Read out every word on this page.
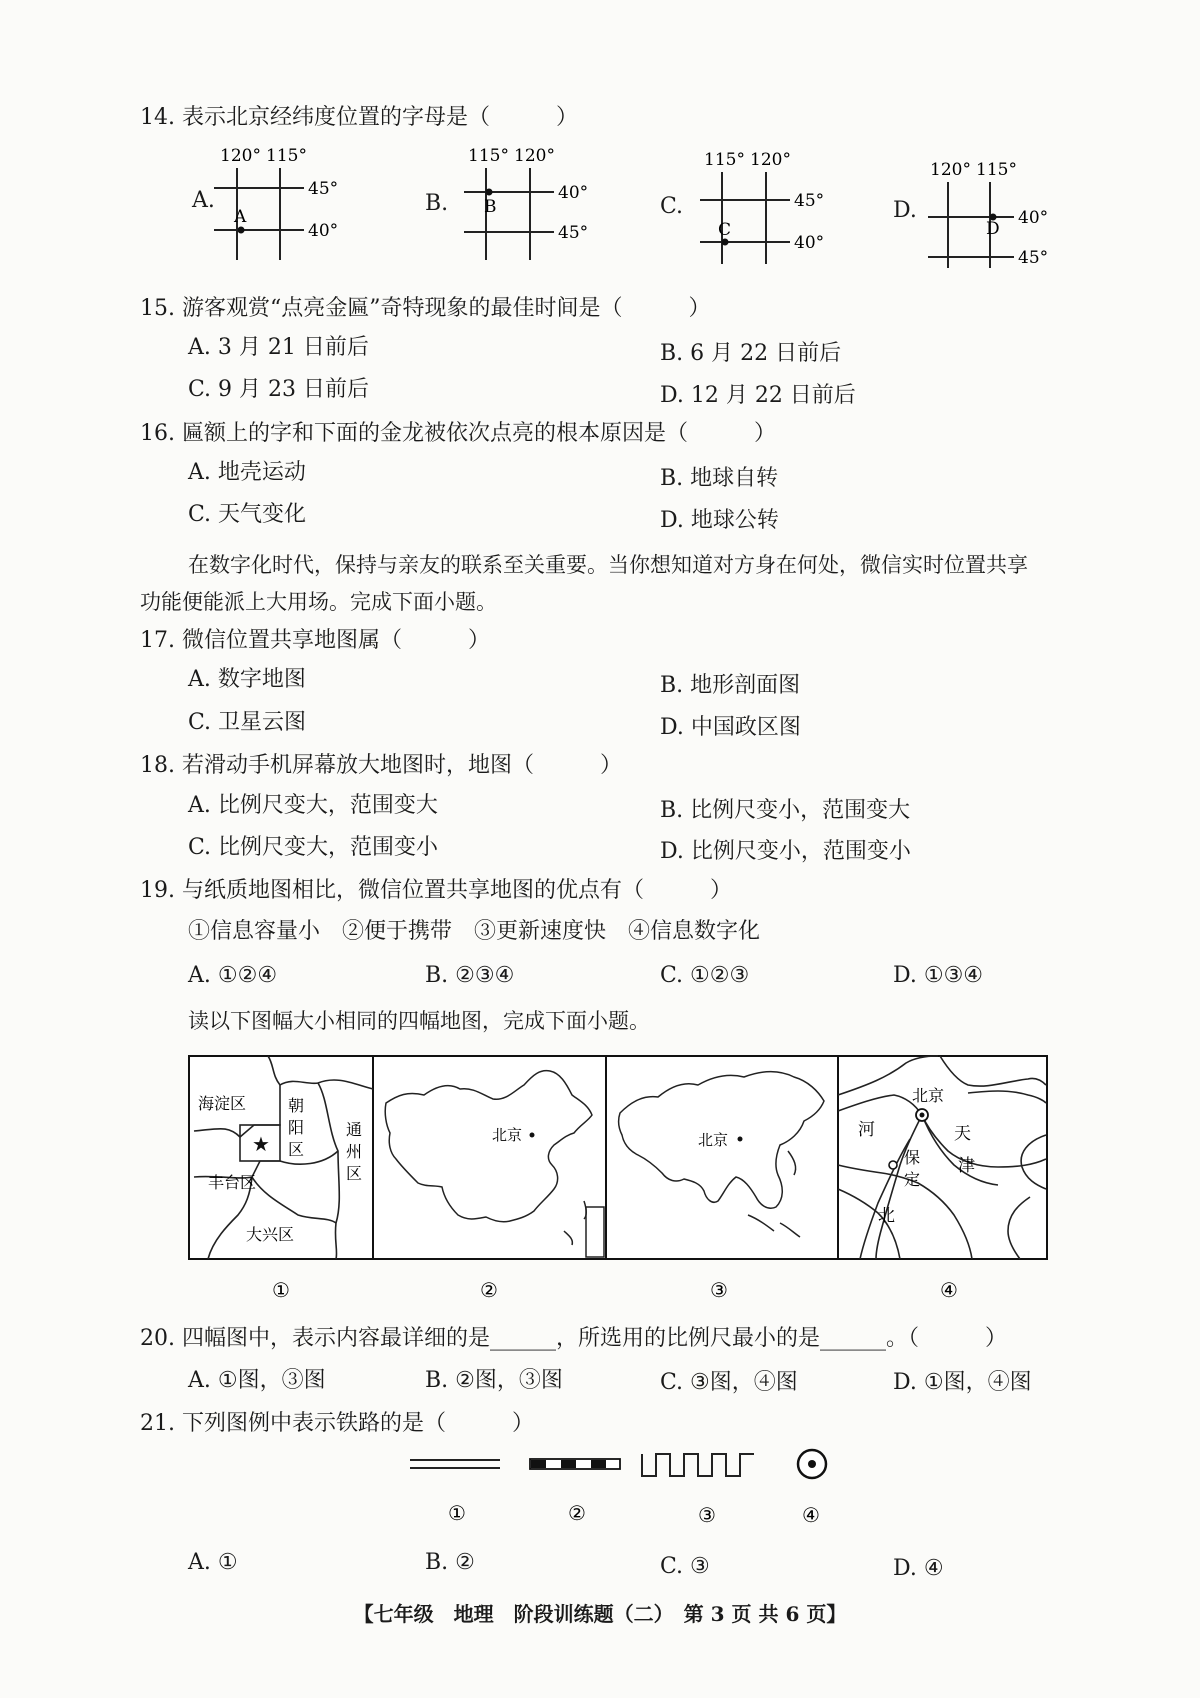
14. 表示北京经纬度位置的字母是（　　　）
A.
120° 115°
45°
40°
A
B.
115° 120°
40°
45°
B	C.
115° 120°
45°
40°
C
D.
120° 115°
40°
45°
D
15. 游客观赏“点亮金匾”奇特现象的最佳时间是（　　　）
A. 3 月 21 日前后	B. 6 月 22 日前后
C. 9 月 23 日前后	D. 12 月 22 日前后
16. 匾额上的字和下面的金龙被依次点亮的根本原因是（　　　）
A. 地壳运动	B. 地球自转
C. 天气变化	D. 地球公转
在数字化时代，保持与亲友的联系至关重要。当你想知道对方身在何处，微信实时位置共享
功能便能派上大用场。完成下面小题。
17. 微信位置共享地图属（　　　）
A. 数字地图	B. 地形剖面图
C. 卫星云图	D. 中国政区图
18. 若滑动手机屏幕放大地图时，地图（　　　）
A. 比例尺变大，范围变大	B. 比例尺变小，范围变大
C. 比例尺变大，范围变小	D. 比例尺变小，范围变小
19. 与纸质地图相比，微信位置共享地图的优点有（　　　）
①信息容量小　②便于携带　③更新速度快　④信息数字化
A. ①②④	B. ②③④	C. ①②③	D. ①③④
读以下图幅大小相同的四幅地图，完成下面小题。
★
海淀区	朝
阳
区
通
州
区
丰台区
大兴区
北京	北京
北京
河	天
津
保
定
北
①	②	③	④
20. 四幅图中，表示内容最详细的是______，所选用的比例尺最小的是______。（　　　）
A. ①图，③图	B. ②图，③图	C. ③图，④图	D. ①图，④图
21. 下列图例中表示铁路的是（　　　）
①	②	③	④
A. ①	B. ②	C. ③	D. ④
【七年级　地理　阶段训练题（二）　第 3 页 共 6 页】
